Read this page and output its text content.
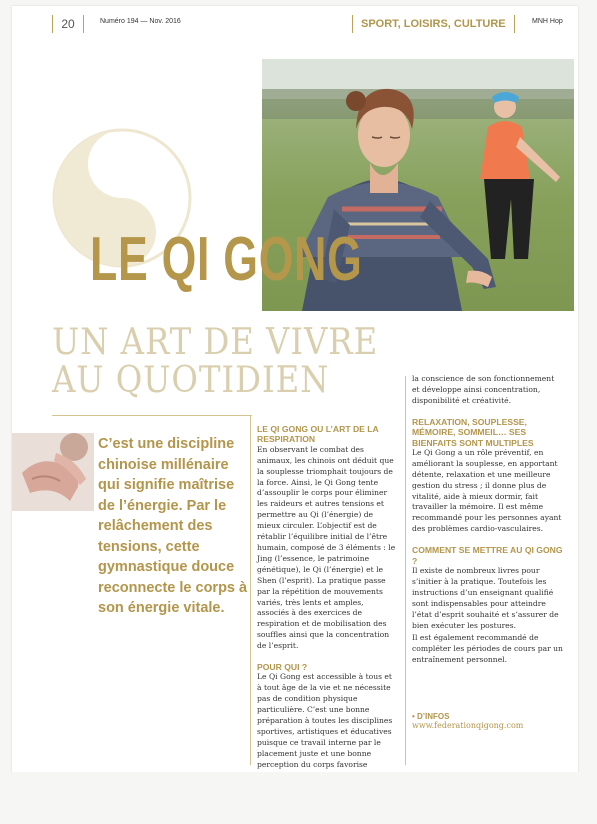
20	Numéro 194 — Nov. 2016	SPORT, LOISIRS, CULTURE	MNH Hop
LE QI GONG
UN ART DE VIVRE
AU QUOTIDIEN
C’est une discipline chinoise millénaire qui signifie maîtrise de l’énergie. Par le relâchement des tensions, cette gymnastique douce reconnecte le corps à son énergie vitale.
LE QI GONG OU L’ART DE LA RESPIRATION

En observant le combat des animaux, les chinois ont déduit que la souplesse triomphait toujours de la force. Ainsi, le Qi Gong tente d’assouplir le corps pour éliminer les raideurs et autres tensions et permettre au Qi (l’énergie) de mieux circuler. L’objectif est de rétablir l’équilibre initial de l’être humain, composé de 3 éléments : le Jing (l’essence, le patrimoine génétique), le Qi (l’énergie) et le Shen (l’esprit). La pratique passe par la répétition de mouvements variés, très lents et amples, associés à des exercices de respiration et de mobilisation des souffles ainsi que la concentration de l’esprit.

POUR QUI ?

Le Qi Gong est accessible à tous et à tout âge de la vie et ne nécessite pas de condition physique particulière. C’est une bonne préparation à toutes les disciplines sportives, artistiques et éducatives puisque ce travail interne par le placement juste et une bonne perception du corps favorise

la conscience de son fonctionnement et développe ainsi concentration, disponibilité et créativité.

RELAXATION, SOUPLESSE, MÉMOIRE, SOMMEIL… SES BIENFAITS SONT MULTIPLES

Le Qi Gong a un rôle préventif, en améliorant la souplesse, en apportant détente, relaxation et une meilleure gestion du stress ; il donne plus de vitalité, aide à mieux dormir, fait travailler la mémoire. Il est même recommandé pour les personnes ayant des problèmes cardio-vasculaires.

COMMENT SE METTRE AU QI GONG ?

Il existe de nombreux livres pour s’initier à la pratique. Toutefois les instructions d’un enseignant qualifié sont indispensables pour atteindre l’état d’esprit souhaité et s’assurer de bien exécuter les postures.

Il est également recommandé de compléter les périodes de cours par un entraînement personnel.

• D’INFOS
www.federationqigong.com
